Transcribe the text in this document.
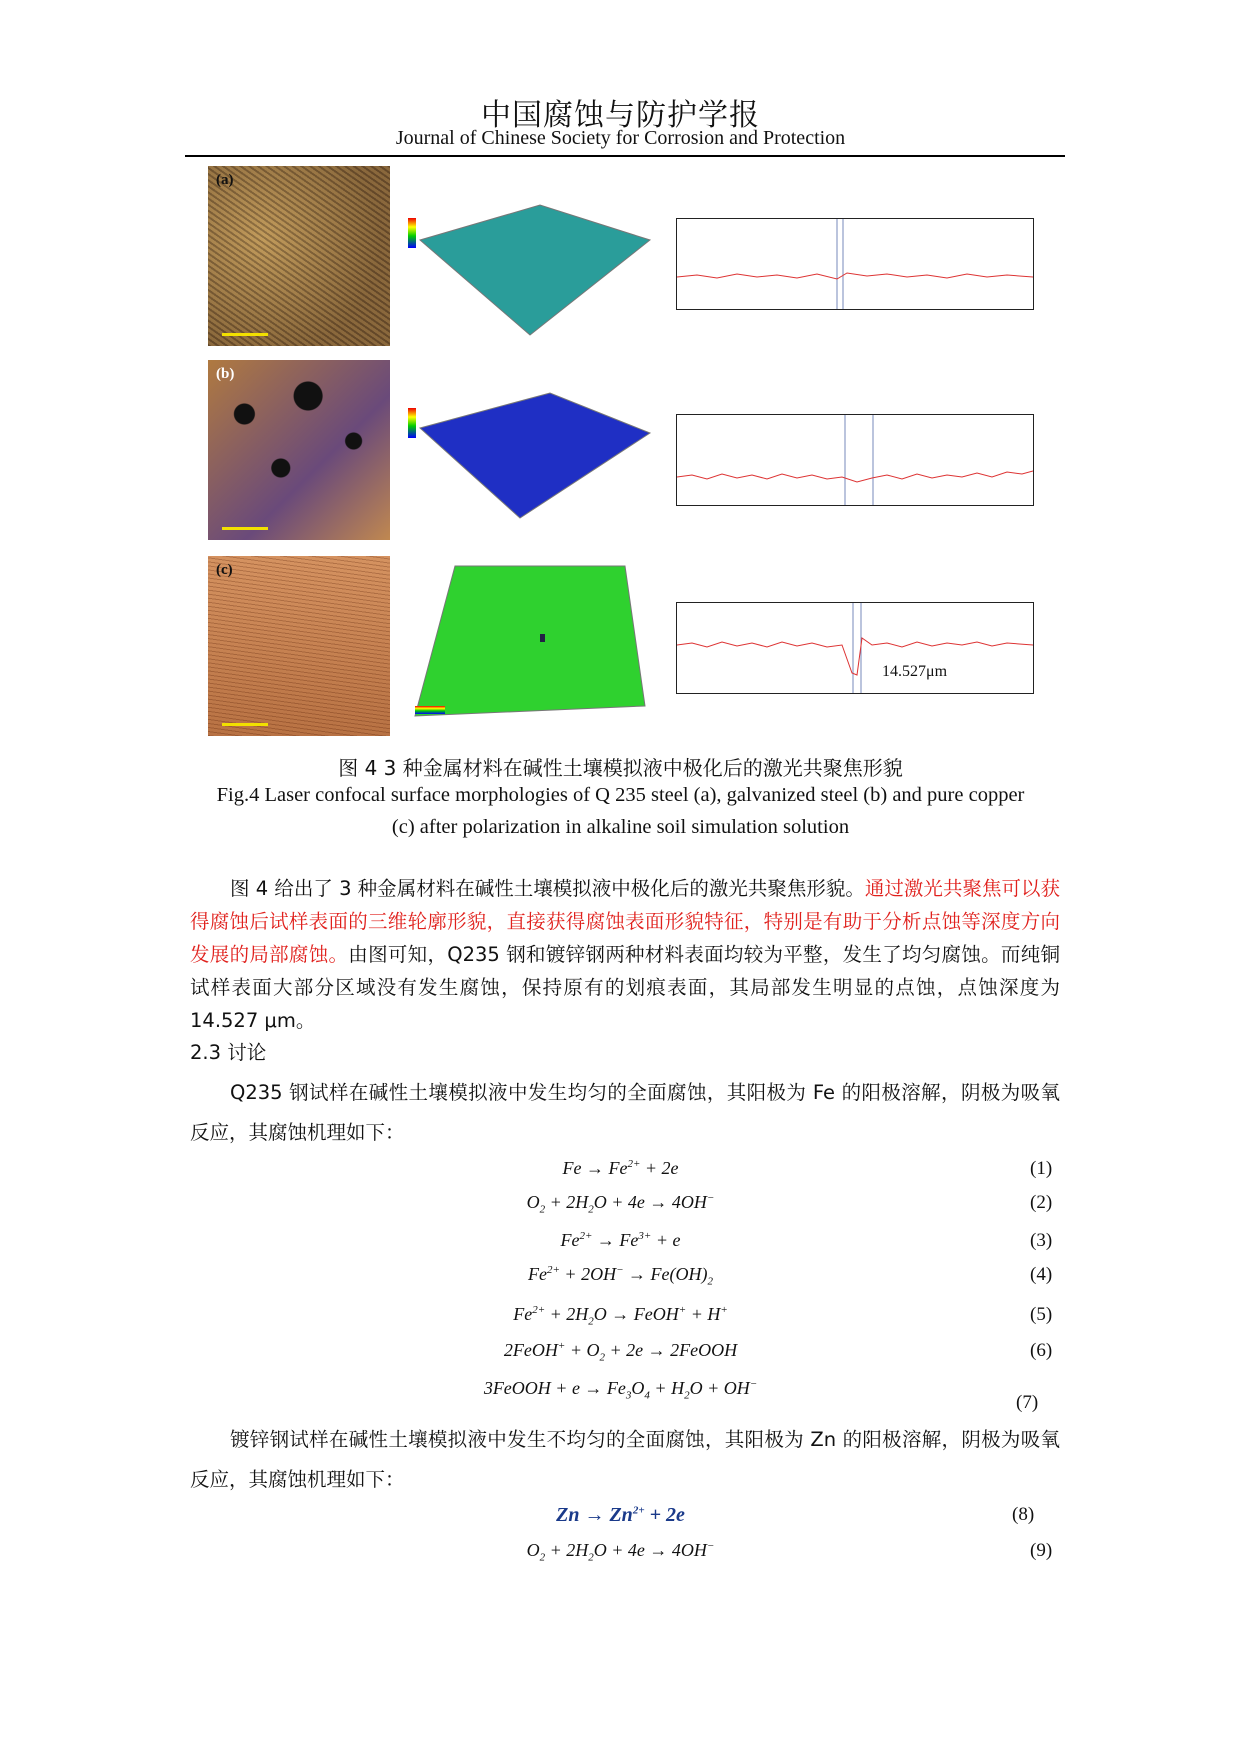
中国腐蚀与防护学报
Journal of Chinese Society for Corrosion and Protection
(a)
(b)
(c)
14.527μm
图 4 3 种金属材料在碱性土壤模拟液中极化后的激光共聚焦形貌
Fig.4 Laser confocal surface morphologies of Q 235 steel (a), galvanized steel (b) and pure copper
(c) after polarization in alkaline soil simulation solution
图 4 给出了 3 种金属材料在碱性土壤模拟液中极化后的激光共聚焦形貌。通过激光共聚焦可以获得腐蚀后试样表面的三维轮廓形貌，直接获得腐蚀表面形貌特征，特别是有助于分析点蚀等深度方向发展的局部腐蚀。由图可知，Q235 钢和镀锌钢两种材料表面均较为平整，发生了均匀腐蚀。而纯铜试样表面大部分区域没有发生腐蚀，保持原有的划痕表面，其局部发生明显的点蚀，点蚀深度为 14.527 μm。
2.3 讨论
Q235 钢试样在碱性土壤模拟液中发生均匀的全面腐蚀，其阳极为 Fe 的阳极溶解，阴极为吸氧反应，其腐蚀机理如下：
$Fe \to Fe^{2+} + 2e$	(1)
$O_2 + 2H_2O + 4e \to 4OH^-$	(2)
$Fe^{2+} \to Fe^{3+} + e$	(3)
$Fe^{2+} + 2OH^- \to Fe(OH)_2$	(4)
$Fe^{2+} + 2H_2O$ → FeOH+ + H+	(5)
2FeOH+ + $O_2 + 2e$ → 2FeOOH	(6)
3FeOOH + $e \to Fe_3O_4 + H_2O + OH^-$
(7)
镀锌钢试样在碱性土壤模拟液中发生不均匀的全面腐蚀，其阳极为 Zn 的阳极溶解，阴极为吸氧反应，其腐蚀机理如下：
$Zn \to Zn^{2+} + 2e$	(8)
$O_2 + 2H_2O + 4e \to 4OH^-$	(9)
